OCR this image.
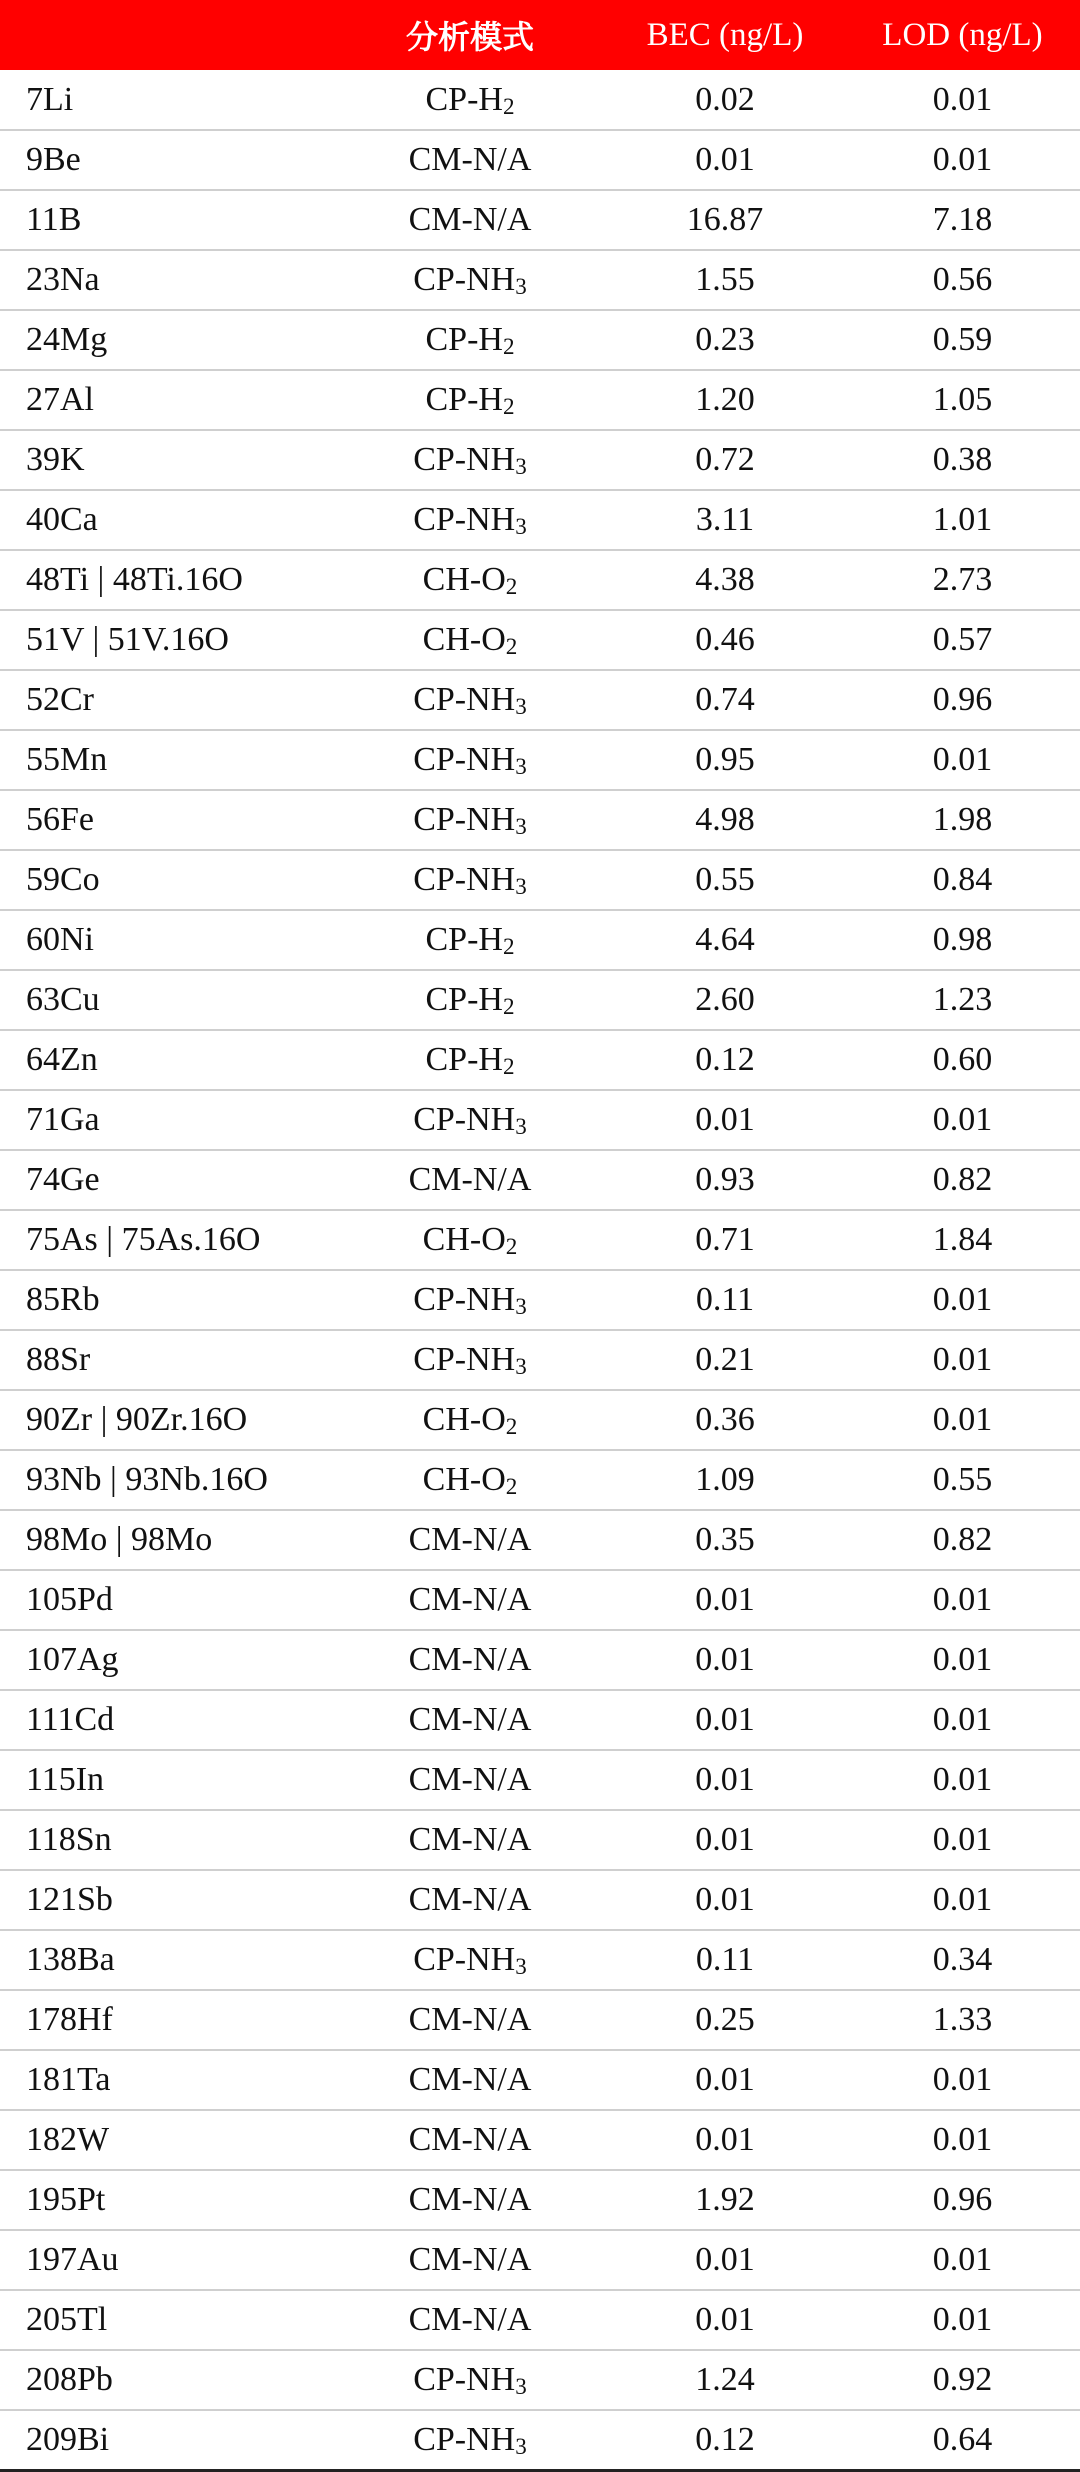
	分析模式	BEC (ng/L)	LOD (ng/L)
7Li	$CP-H_2$	0.02	0.01
9Be	CM-N/A	0.01	0.01
11B	CM-N/A	16.87	7.18
23Na	$CP-NH_3$	1.55	0.56
24Mg	$CP-H_2$	0.23	0.59
27Al	$CP-H_2$	1.20	1.05
39K	$CP-NH_3$	0.72	0.38
40Ca	$CP-NH_3$	3.11	1.01
48Ti | 48Ti.16O	$CH-O_2$	4.38	2.73
51V | 51V.16O	$CH-O_2$	0.46	0.57
52Cr	$CP-NH_3$	0.74	0.96
55Mn	$CP-NH_3$	0.95	0.01
56Fe	$CP-NH_3$	4.98	1.98
59Co	$CP-NH_3$	0.55	0.84
60Ni	$CP-H_2$	4.64	0.98
63Cu	$CP-H_2$	2.60	1.23
64Zn	$CP-H_2$	0.12	0.60
71Ga	$CP-NH_3$	0.01	0.01
74Ge	CM-N/A	0.93	0.82
75As | 75As.16O	$CH-O_2$	0.71	1.84
85Rb	$CP-NH_3$	0.11	0.01
88Sr	$CP-NH_3$	0.21	0.01
90Zr | 90Zr.16O	$CH-O_2$	0.36	0.01
93Nb | 93Nb.16O	$CH-O_2$	1.09	0.55
98Mo | 98Mo	CM-N/A	0.35	0.82
105Pd	CM-N/A	0.01	0.01
107Ag	CM-N/A	0.01	0.01
111Cd	CM-N/A	0.01	0.01
115In	CM-N/A	0.01	0.01
118Sn	CM-N/A	0.01	0.01
121Sb	CM-N/A	0.01	0.01
138Ba	$CP-NH_3$	0.11	0.34
178Hf	CM-N/A	0.25	1.33
181Ta	CM-N/A	0.01	0.01
182W	CM-N/A	0.01	0.01
195Pt	CM-N/A	1.92	0.96
197Au	CM-N/A	0.01	0.01
205Tl	CM-N/A	0.01	0.01
208Pb	$CP-NH_3$	1.24	0.92
209Bi	$CP-NH_3$	0.12	0.64
